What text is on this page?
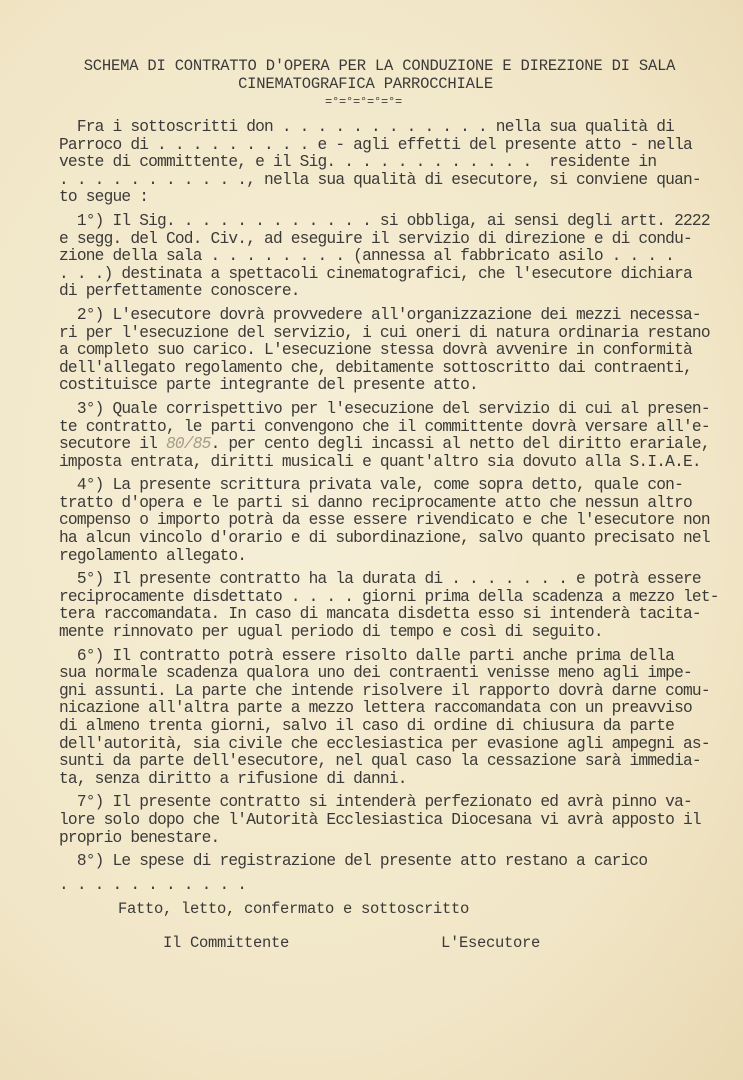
SCHEMA DI CONTRATTO D'OPERA PER LA CONDUZIONE E DIREZIONE DI SALA
CINEMATOGRAFICA PARROCCHIALE
=°=°=°=°=°=
Fra i sottoscritti don . . . . . . . . . . . . nella sua qualità di
Parroco di . . . . . . . . . e - agli effetti del presente atto - nella
veste di committente, e il Sig. . . . . . . . . . . .  residente in
. . . . . . . . . . ., nella sua qualità di esecutore, si conviene quan-
to segue :
1°) Il Sig. . . . . . . . . . . . si obbliga, ai sensi degli artt. 2222
e segg. del Cod. Civ., ad eseguire il servizio di direzione e di condu-
zione della sala . . . . . . . . (annessa al fabbricato asilo . . . .
. . .) destinata a spettacoli cinematografici, che l'esecutore dichiara
di perfettamente conoscere.
2°) L'esecutore dovrà provvedere all'organizzazione dei mezzi necessa-
ri per l'esecuzione del servizio, i cui oneri di natura ordinaria restano
a completo suo carico. L'esecuzione stessa dovrà avvenire in conformità
dell'allegato regolamento che, debitamente sottoscritto dai contraenti,
costituisce parte integrante del presente atto.
3°) Quale corrispettivo per l'esecuzione del servizio di cui al presen-
te contratto, le parti convengono che il committente dovrà versare all'e-
secutore il 80/85. per cento degli incassi al netto del diritto erariale,
imposta entrata, diritti musicali e quant'altro sia dovuto alla S.I.A.E.
4°) La presente scrittura privata vale, come sopra detto, quale con-
tratto d'opera e le parti si danno reciprocamente atto che nessun altro
compenso o importo potrà da esse essere rivendicato e che l'esecutore non
ha alcun vincolo d'orario e di subordinazione, salvo quanto precisato nel
regolamento allegato.
5°) Il presente contratto ha la durata di . . . . . . . e potrà essere
reciprocamente disdettato . . . . giorni prima della scadenza a mezzo let-
tera raccomandata. In caso di mancata disdetta esso si intenderà tacita-
mente rinnovato per ugual periodo di tempo e così di seguito.
6°) Il contratto potrà essere risolto dalle parti anche prima della
sua normale scadenza qualora uno dei contraenti venisse meno agli impe-
gni assunti. La parte che intende risolvere il rapporto dovrà darne comu-
nicazione all'altra parte a mezzo lettera raccomandata con un preavviso
di almeno trenta giorni, salvo il caso di ordine di chiusura da parte
dell'autorità, sia civile che ecclesiastica per evasione agli ampegni as-
sunti da parte dell'esecutore, nel qual caso la cessazione sarà immedia-
ta, senza diritto a rifusione di danni.
7°) Il presente contratto si intenderà perfezionato ed avrà pinno va-
lore solo dopo che l'Autorità Ecclesiastica Diocesana vi avrà apposto il
proprio benestare.
8°) Le spese di registrazione del presente atto restano a carico
. . . . . . . . . . .
Fatto, letto, confermato e sottoscritto
Il Committente	L'Esecutore
